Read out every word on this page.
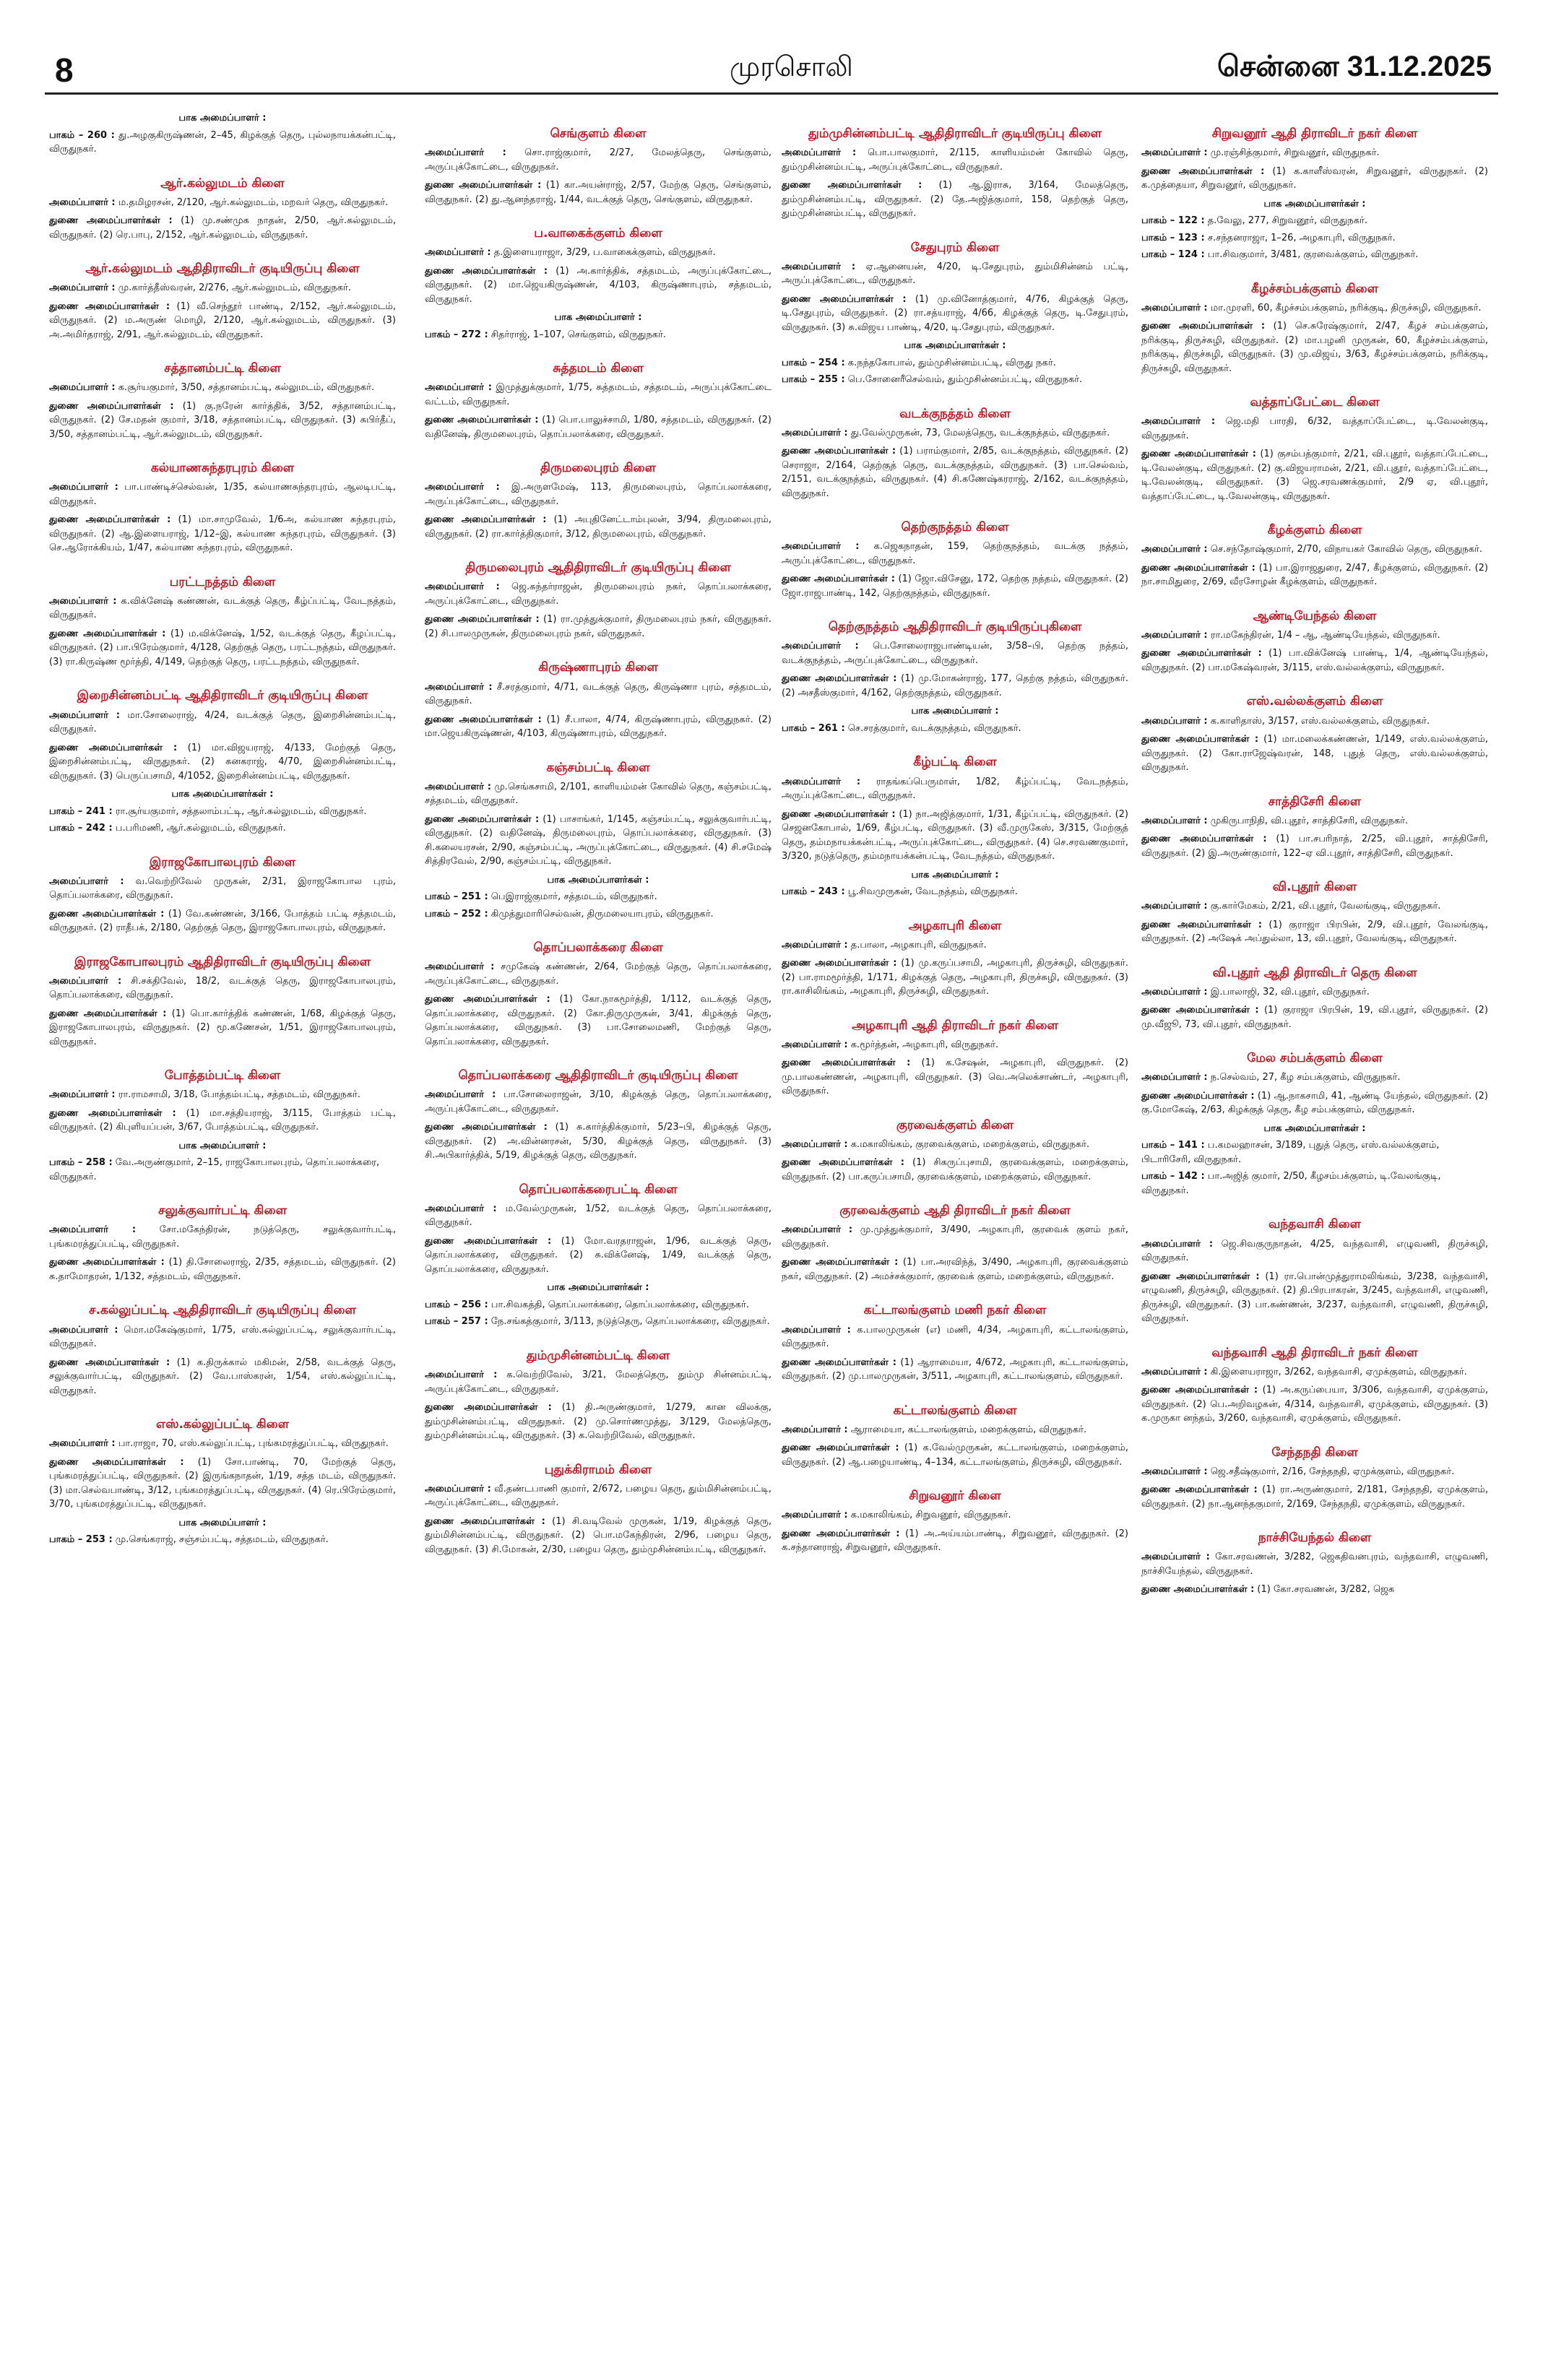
8	முரசொலி	சென்னை 31.12.2025
பாக அமைப்பாளர் :

பாகம் – 260 : து.அழகுகிருஷ்ணன், 2–45, கிழக்குத் தெரு, புல்லநாயக்கன்பட்டி, விருதுநகர்.

ஆர்.கல்லுமடம் கிளை

அமைப்பாளர் : ம.தமிழரசன், 2/120, ஆர்.கல்லுமடம், மறவர் தெரு, விருதுநகர்.

துணை அமைப்பாளர்கள் : (1) மு.சண்முக நாதன், 2/50, ஆர்.கல்லுமடம், விருதுநகர். (2) ரெ.பாபு, 2/152, ஆர்.கல்லுமடம், விருதுநகர்.

ஆர்.கல்லுமடம் ஆதிதிராவிடர் குடியிருப்பு கிளை

அமைப்பாளர் : மு.கார்த்தீஸ்வரன், 2/276, ஆர்.கல்லுமடம், விருதுநகர்.

துணை அமைப்பாளர்கள் : (1) வீ.செந்தூர் பாண்டி, 2/152, ஆர்.கல்லுமடம், விருதுநகர். (2) ம.அருண் மொழி, 2/120, ஆர்.கல்லுமடம், விருதுநகர். (3) அ.அமிர்தராஜ், 2/91, ஆர்.கல்லுமடம், விருதுநகர்.

சத்தானம்பட்டி கிளை

அமைப்பாளர் : க.சூர்யகுமார், 3/50, சத்தானம்பட்டி, கல்லுமடம், விருதுநகர்.

துணை அமைப்பாளர்கள் : (1) கு.நரேன் கார்த்திக், 3/52, சத்தானம்பட்டி, விருதுநகர். (2) சே.மதன் குமார், 3/18, சத்தானம்பட்டி, விருதுநகர். (3) சுபிர்தீப், 3/50, சத்தானம்பட்டி, ஆர்.கல்லுமடம், விருதுநகர்.

கல்யாணசுந்தரபுரம் கிளை

அமைப்பாளர் : பா.பாண்டிச்செல்வன், 1/35, கல்யாணசுந்தரபுரம், ஆலடிபட்டி, விருதுநகர்.

துணை அமைப்பாளர்கள் : (1) மா.சாமுவேல், 1/6அ, கல்யாண சுந்தரபுரம், விருதுநகர். (2) ஆ.இளையராஜ், 1/12–இ, கல்யாண சுந்தரபுரம், விருதுநகர். (3) செ.ஆரோக்கியம், 1/47, கல்யாண சுந்தரபுரம், விருதுநகர்.

பரட்டநத்தம் கிளை

அமைப்பாளர் : க.விக்னேஷ் கண்ணன், வடக்குத் தெரு, கீழ்ப்பட்டி, வேடநத்தம், விருதுநகர்.

துணை அமைப்பாளர்கள் : (1) ம.விக்னேஷ், 1/52, வடக்குத் தெரு, கீழப்பட்டி, விருதுநகர். (2) பா.பிரேம்குமார், 4/128, தெற்குத் தெரு, பரட்டநத்தம், விருதுநகர். (3) ரா.கிருஷ்ண மூர்த்தி, 4/149, தெற்குத் தெரு, பரட்டநத்தம், விருதுநகர்.

இறைசின்னம்பட்டி ஆதிதிராவிடர் குடியிருப்பு கிளை

அமைப்பாளர் : மா.சோலைராஜ், 4/24, வடக்குத் தெரு, இறைசின்னம்பட்டி, விருதுநகர்.

துணை அமைப்பாளர்கள் : (1) மா.விஜயராஜ், 4/133, மேற்குத் தெரு, இறைசின்னம்பட்டி, விருதுநகர். (2) கனகராஜ், 4/70, இறைசின்னம்பட்டி, விருதுநகர். (3) பெருப்பசாமி, 4/1052, இறைசின்னம்பட்டி, விருதுநகர்.

பாக அமைப்பாளர்கள் :
பாகம் – 241 : ரா.சூர்யகுமார், சத்தலாம்பட்டி, ஆர்.கல்லுமடம், விருதுநகர்.
பாகம் – 242 : ப.பரிமணி, ஆர்.கல்லுமடம், விருதுநகர்.
இராஜகோபாலபுரம் கிளை

அமைப்பாளர் : வ.வெற்றிவேல் முருகன், 2/31, இராஜகோபால புரம், தொப்பலாக்கரை, விருதுநகர்.

துணை அமைப்பாளர்கள் : (1) வே.கண்ணன், 3/166, போத்தம் பட்டி சத்தமடம், விருதுநகர். (2) ராதீபக், 2/180, தெற்குத் தெரு, இராஜகோபாலபுரம், விருதுநகர்.

இராஜகோபாலபுரம் ஆதிதிராவிடர் குடியிருப்பு கிளை

அமைப்பாளர் : சி.சக்திவேல், 18/2, வடக்குத் தெரு, இராஜகோபாலபுரம், தொப்பலாக்கரை, விருதுநகர்.

துணை அமைப்பாளர்கள் : (1) பொ.கார்த்திக் கண்ணன், 1/68, கிழக்குத் தெரு, இராஜகோபாலபுரம், விருதுநகர். (2) மூ.கணேசன், 1/51, இராஜகோபாலபுரம், விருதுநகர்.

போத்தம்பட்டி கிளை

அமைப்பாளர் : ரா.ராமசாமி, 3/18, போத்தம்பட்டி, சத்தமடம், விருதுநகர்.

துணை அமைப்பாளர்கள் : (1) மா.சத்தியராஜ், 3/115, போத்தம் பட்டி, விருதுநகர். (2) கிபுளியப்பன், 3/67, போத்தம்பட்டி, விருதுநகர்.

பாக அமைப்பாளர் :
பாகம் – 258 : வே.அருண்குமார், 2–15, ராஜகோபாலபுரம், தொப்பலாக்கரை, விருதுநகர்.
சலுக்குவார்பட்டி கிளை

அமைப்பாளர் : சோ.மகேந்திரன், நடுத்தெரு, சலுக்குவார்பட்டி, புங்கமரத்துப்பட்டி, விருதுநகர்.

துணை அமைப்பாளர்கள் : (1) தி.சோலைராஜ், 2/35, சத்தமடம், விருதுநகர். (2) சு.தாமோதரன், 1/132, சத்தமடம், விருதுநகர்.

ச.கல்லுப்பட்டி ஆதிதிராவிடர் குடியிருப்பு கிளை

அமைப்பாளர் : மொ.மகேஷ்குமார், 1/75, எஸ்.கல்லுப்பட்டி, சலுக்குவார்பட்டி, விருதுநகர்.

துணை அமைப்பாளர்கள் : (1) க.திருக்கால் மகிமன், 2/58, வடக்குத் தெரு, சலுக்குவார்பட்டி, விருதுநகர். (2) வே.பாஸ்கரன், 1/54, எஸ்.கல்லுப்பட்டி, விருதுநகர்.

எஸ்.கல்லுப்பட்டி கிளை

அமைப்பாளர் : பா.ராஜா, 70, எஸ்.கல்லுப்பட்டி, புங்கமரத்துப்பட்டி, விருதுநகர்.

துணை அமைப்பாளர்கள் : (1) சோ.பாண்டி, 70, மேற்குத் தெரு, புங்கமரத்துப்பட்டி, விருதுநகர். (2) இருங்கநாதன், 1/19, சத்த மடம், விருதுநகர். (3) மா.செல்வபாண்டி, 3/12, புங்கமரத்துப்பட்டி, விருதுநகர். (4) ரெ.பிரேம்குமார், 3/70, புங்கமரத்துப்பட்டி, விருதுநகர்.

பாக அமைப்பாளர் :
பாகம் – 253 : மு.செங்கராஜ், சஞ்சம்பட்டி, சத்தமடம், விருதுநகர்.
செங்குளம் கிளை

அமைப்பாளர் : சொ.ராஜ்குமார், 2/27, மேலத்தெரு, செங்குளம், அருப்புக்கோட்டை, விருதுநகர்.

துணை அமைப்பாளர்கள் : (1) கா.அயன்ராஜ், 2/57, மேற்கு தெரு, செங்குளம், விருதுநகர். (2) து.ஆனந்தராஜ், 1/44, வடக்குத் தெரு, செங்குளம், விருதுநகர்.

ப.வாகைக்குளம் கிளை

அமைப்பாளர் : த.இளையராஜா, 3/29, ப.வாகைக்குளம், விருதுநகர்.

துணை அமைப்பாளர்கள் : (1) அ.கார்த்திக், சத்தமடம், அருப்புக்கோட்டை, விருதுநகர். (2) மா.ஜெயகிருஷ்ணன், 4/103, கிருஷ்ணாபுரம், சத்தமடம், விருதுநகர்.

பாக அமைப்பாளர் :
பாகம் – 272 : சிதர்ராஜ், 1–107, செங்குளம், விருதுநகர்.
சுத்தமடம் கிளை

அமைப்பாளர் : இமுத்துக்குமார், 1/75, சுத்தமடம், சத்தமடம், அருப்புக்கோட்டை வட்டம், விருதுநகர்.

துணை அமைப்பாளர்கள் : (1) பொ.பாலுச்சாமி, 1/80, சத்தமடம், விருதுநகர். (2) வதினேஷ், திருமலைபுரம், தொப்பலாக்கரை, விருதுநகர்.

திருமலைபுரம் கிளை

அமைப்பாளர் : இ.அருளமேஷ், 113, திருமலைபுரம், தொப்பலாக்கரை, அருப்புக்கோட்டை, விருதுநகர்.

துணை அமைப்பாளர்கள் : (1) அபுதினேட்டாம்புலன், 3/94, திருமலைபுரம், விருதுநகர். (2) ரா.கார்த்திகுமார், 3/12, திருமலைபுரம், விருதுநகர்.

திருமலைபுரம் ஆதிதிராவிடர் குடியிருப்பு கிளை

அமைப்பாளர் : ஜெ.சுந்தர்ராஜன், திருமலைபுரம் நகர், தொப்பலாக்கரை, அருப்புக்கோட்டை, விருதுநகர்.

துணை அமைப்பாளர்கள் : (1) ரா.முத்துக்குமார், திருமலைபுரம் நகர், விருதுநகர். (2) சி.பாலமுருகன், திருமலைபுரம் நகர், விருதுநகர்.

கிருஷ்ணாபுரம் கிளை

அமைப்பாளர் : சீ.சரத்குமார், 4/71, வடக்குத் தெரு, கிருஷ்ணா புரம், சத்தமடம், விருதுநகர்.

துணை அமைப்பாளர்கள் : (1) சீ.பாலா, 4/74, கிருஷ்ணாபுரம், விருதுநகர். (2) மா.ஜெயகிருஷ்ணன், 4/103, கிருஷ்ணாபுரம், விருதுநகர்.

கஞ்சம்பட்டி கிளை

அமைப்பாளர் : மு.செங்கசாமி, 2/101, காளியம்மன் கோவில் தெரு, கஞ்சம்பட்டி, சத்தமடம், விருதுநகர்.

துணை அமைப்பாளர்கள் : (1) பாசாங்கர், 1/145, கஞ்சம்பட்டி, சலுக்குவார்பட்டி, விருதுநகர். (2) வதினேஷ், திருமலைபுரம், தொப்பலாக்கரை, விருதுநகர். (3) சி.கலையரசன், 2/90, கஞ்சம்பட்டி, அருப்புக்கோட்டை, விருதுநகர். (4) சி.சமேஷ் சித்திரவேல், 2/90, கஞ்சம்பட்டி, விருதுநகர்.

பாக அமைப்பாளர்கள் :
பாகம் – 251 : பெஇராஜ்குமார், சத்தமடம், விருதுநகர்.
பாகம் – 252 : கிமுத்துமாரிசெல்வன், திருமலையாபுரம், விருதுநகர்.
தொப்பலாக்கரை கிளை

அமைப்பாளர் : சமுகேஷ் கண்ணன், 2/64, மேற்குத் தெரு, தொப்பலாக்கரை, அருப்புக்கோட்டை, விருதுநகர்.

துணை அமைப்பாளர்கள் : (1) கோ.நாகமூர்த்தி, 1/112, வடக்குத் தெரு, தொப்பலாக்கரை, விருதுநகர். (2) கோ.திருமுருகன், 3/41, கிழக்குத் தெரு, தொப்பலாக்கரை, விருதுநகர். (3) பா.சோலைமணி, மேற்குத் தெரு, தொப்பலாக்கரை, விருதுநகர்.

தொப்பலாக்கரை ஆதிதிராவிடர் குடியிருப்பு கிளை

அமைப்பாளர் : பா.சோலைராஜன், 3/10, கிழக்குத் தெரு, தொப்பலாக்கரை, அருப்புக்கோட்டை, விருதுநகர்.

துணை அமைப்பாளர்கள் : (1) சு.கார்த்திக்குமார், 5/23–பி, கிழக்குத் தெரு, விருதுநகர். (2) அ.வின்னரசன், 5/30, கிழக்குத் தெரு, விருதுநகர். (3) சி.அபிகார்த்திக், 5/19, கிழக்குத் தெரு, விருதுநகர்.

தொப்பலாக்கரைபட்டி கிளை

அமைப்பாளர் : ம.வேல்முருகன், 1/52, வடக்குத் தெரு, தொப்பலாக்கரை, விருதுநகர்.

துணை அமைப்பாளர்கள் : (1) மோ.வரதராஜன், 1/96, வடக்குத் தெரு, தொப்பலாக்கரை, விருதுநகர். (2) சு.விக்னேஷ், 1/49, வடக்குத் தெரு, தொப்பலாக்கரை, விருதுநகர்.

பாக அமைப்பாளர்கள் :
பாகம் – 256 : பா.சிவகத்தி, தொப்பலாக்கரை, தொப்பலாக்கரை, விருதுநகர்.
பாகம் – 257 : நே.சங்கத்குமார், 3/113, நடுத்தெரு, தொப்பலாக்கரை, விருதுநகர்.
தும்முசின்னம்பட்டி கிளை

அமைப்பாளர் : க.வெற்றிவேல், 3/21, மேலத்தெரு, தும்மு சின்னம்பட்டி, அருப்புக்கோட்டை, விருதுநகர்.

துணை அமைப்பாளர்கள் : (1) தி.அருண்குமார், 1/279, கான விலக்கு, தும்முசின்னம்பட்டி, விருதுநகர். (2) மு.சொர்ணமுத்து, 3/129, மேலத்தெரு, தும்முசின்னம்பட்டி, விருதுநகர். (3) க.வெற்றிவேல், விருதுநகர்.

புதுக்கிராமம் கிளை

அமைப்பாளர் : வீ.தண்டபாணி குமார், 2/672, பழைய தெரு, தும்மிசின்னம்பட்டி, அருப்புக்கோட்டை, விருதுநகர்.

துணை அமைப்பாளர்கள் : (1) சி.வடிவேல் முருகன், 1/19, கிழக்குத் தெரு, தும்மிசின்னம்பட்டி, விருதுநகர். (2) பொ.மகேந்திரன், 2/96, பழைய தெரு, விருதுநகர். (3) சி.மோகன், 2/30, பழைய தெரு, தும்முசின்னம்பட்டி, விருதுநகர்.

தும்முசின்னம்பட்டி ஆதிதிராவிடர் குடியிருப்பு கிளை

அமைப்பாளர் : பொ.பாலகுமார், 2/115, காளியம்மன் கோவில் தெரு, தும்முசின்னம்பட்டி, அருப்புக்கோட்டை, விருதுநகர்.

துணை அமைப்பாளர்கள் : (1) ஆ.இராசு, 3/164, மேலத்தெரு, தும்முசின்னம்பட்டி, விருதுநகர். (2) தே.அஜித்குமார், 158, தெற்குத் தெரு, தும்முசின்னம்பட்டி, விருதுநகர்.

சேதுபுரம் கிளை

அமைப்பாளர் : ஏ.ஆனையன், 4/20, டி.சேதுபுரம், தும்மிசின்னம் பட்டி, அருப்புக்கோட்டை, விருதுநகர்.

துணை அமைப்பாளர்கள் : (1) மு.வினோத்குமார், 4/76, கிழக்குத் தெரு, டி.சேதுபுரம், விருதுநகர். (2) ரா.சத்யராஜ், 4/66, கிழக்குத் தெரு, டி.சேதுபுரம், விருதுநகர். (3) சு.விஜய பாண்டி, 4/20, டி.சேதுபுரம், விருதுநகர்.

பாக அமைப்பாளர்கள் :
பாகம் – 254 : க.நந்தகோபால், தும்முசின்னம்பட்டி, விருது நகர்.
பாகம் – 255 : பெ.சோனைரீசெல்வம், தும்முசின்னம்பட்டி, விருதுநகர்.
வடக்குநத்தம் கிளை

அமைப்பாளர் : து.வேல்முருகன், 73, மேலத்தெரு, வடக்குநத்தம், விருதுநகர்.

துணை அமைப்பாளர்கள் : (1) பராம்குமார், 2/85, வடக்குநத்தம், விருதுநகர். (2) செராஜா, 2/164, தெற்குத் தெரு, வடக்குநத்தம், விருதுநகர். (3) பா.செல்வம், 2/151, வடக்குநத்தம், விருதுநகர். (4) சி.கணேஷ்கரராஜ், 2/162, வடக்குநத்தம், விருதுநகர்.

தெற்குநத்தம் கிளை

அமைப்பாளர் : க.ஜெகநாதன், 159, தெற்குநத்தம், வடக்கு நத்தம், அருப்புக்கோட்டை, விருதுநகர்.

துணை அமைப்பாளர்கள் : (1) ஜோ.விசேனு, 172, தெற்கு நத்தம், விருதுநகர். (2) ஜோ.ராஜபாண்டி, 142, தெற்குநத்தம், விருதுநகர்.

தெற்குநத்தம் ஆதிதிராவிடர் குடியிருப்புகிளை

அமைப்பாளர் : பெ.சோலைராஜபாண்டியன், 3/58–பி, தெற்கு நத்தம், வடக்குநத்தம், அருப்புக்கோட்டை, விருதுநகர்.

துணை அமைப்பாளர்கள் : (1) மு.மோகன்ராஜ், 177, தெற்கு நத்தம், விருதுநகர். (2) அசதீஸ்குமார், 4/162, தெற்குநத்தம், விருதுநகர்.

பாக அமைப்பாளர் :
பாகம் – 261 : செ.சரத்குமார், வடக்குநத்தம், விருதுநகர்.
கீழ்பட்டி கிளை

அமைப்பாளர் : ராதங்கப்பெருமாள், 1/82, கீழ்ப்பட்டி, வேடநத்தம், அருப்புக்கோட்டை, விருதுநகர்.

துணை அமைப்பாளர்கள் : (1) நா.அஜித்குமார், 1/31, கீழ்ப்பட்டி, விருதுநகர். (2) செஜனகோபால், 1/69, கீழ்பட்டி, விருதுநகர். (3) வீ.முருகேஸ், 3/315, மேற்குத் தெரு, தம்மநாயக்கன்பட்டி, அருப்புக்கோட்டை, விருதுநகர். (4) செ.சரவணகுமார், 3/320, நடுத்தெரு, தம்மநாயக்கன்பட்டி, வேடநத்தம், விருதுநகர்.

பாக அமைப்பாளர் :
பாகம் – 243 : பூ.சிவமுருகன், வேடநத்தம், விருதுநகர்.
அழகாபுரி கிளை

அமைப்பாளர் : த.பாலா, அழகாபுரி, விருதுநகர்.

துணை அமைப்பாளர்கள் : (1) மு.கருப்பசாமி, அழகாபுரி, திருச்சுழி, விருதுநகர். (2) பா.ராமமூர்த்தி, 1/171, கிழக்குத் தெரு, அழகாபுரி, திருச்சுழி, விருதுநகர். (3) ரா.காசிலிங்கம், அழகாபுரி, திருச்சுழி, விருதுநகர்.

அழகாபுரி ஆதி திராவிடர் நகர் கிளை

அமைப்பாளர் : க.மூர்த்தன், அழகாபுரி, விருதுநகர்.

துணை அமைப்பாளர்கள் : (1) க.சேஷன், அழகாபுரி, விருதுநகர். (2) மு.பாலகண்ணன், அழகாபுரி, விருதுநகர். (3) வெ.அலெக்சாண்டர், அழகாபுரி, விருதுநகர்.

குரவைக்குளம் கிளை

அமைப்பாளர் : க.மகாலிங்கம், குரவைக்குளம், மறைக்குளம், விருதுநகர்.

துணை அமைப்பாளர்கள் : (1) சிகருப்புசாமி, குரவைக்குளம், மறைக்குளம், விருதுநகர். (2) பா.கருப்பசாமி, குரவைக்குளம், மறைக்குளம், விருதுநகர்.

குரவைக்குளம் ஆதி திராவிடர் நகர் கிளை

அமைப்பாளர் : மு.முத்துக்குமார், 3/490, அழகாபுரி, குரவைக் குளம் நகர், விருதுநகர்.

துணை அமைப்பாளர்கள் : (1) பா.அரவிந்த், 3/490, அழகாபுரி, குரவைக்குளம் நகர், விருதுநகர். (2) அமச்சக்குமார், குரவைக் குளம், மறைக்குளம், விருதுநகர்.

கட்டாலங்குளம் மணி நகர் கிளை

அமைப்பாளர் : க.பாலமுருகன் (எ) மணி, 4/34, அழகாபுரி, கட்டாலங்குளம், விருதுநகர்.

துணை அமைப்பாளர்கள் : (1) ஆராமையா, 4/672, அழகாபுரி, கட்டாலங்குளம், விருதுநகர். (2) மு.பாலமுருகன், 3/511, அழகாபுரி, கட்டாலங்குளம், விருதுநகர்.

கட்டாலங்குளம் கிளை

அமைப்பாளர் : ஆராமையா, கட்டாலங்குளம், மறைக்குளம், விருதுநகர்.

துணை அமைப்பாளர்கள் : (1) க.வேல்முருகன், கட்டாலங்குளம், மறைக்குளம், விருதுநகர். (2) ஆ.பழையாண்டி, 4–134, கட்டாலங்குளம், திருச்சுழி, விருதுநகர்.

சிறுவனூர் கிளை

அமைப்பாளர் : க.மகாலிங்கம், சிறுவனூர், விருதுநகர்.

துணை அமைப்பாளர்கள் : (1) அ.அய்யம்பாண்டி, சிறுவனூர், விருதுநகர். (2) க.சந்தானராஜ், சிறுவனூர், விருதுநகர்.

சிறுவனூர் ஆதி திராவிடர் நகர் கிளை

அமைப்பாளர் : மு.ரஞ்சித்குமார், சிறுவனூர், விருதுநகர்.

துணை அமைப்பாளர்கள் : (1) க.காளீஸ்வரன், சிறுவனூர், விருதுநகர். (2) க.முத்தையா, சிறுவனூர், விருதுநகர்.

பாக அமைப்பாளர்கள் :
பாகம் – 122 : த.வேலு, 277, சிறுவனூர், விருதுநகர்.
பாகம் – 123 : ச.சந்தனராஜா, 1–26, அழகாபுரி, விருதுநகர்.
பாகம் – 124 : பா.சிவகுமார், 3/481, குரவைக்குளம், விருதுநகர்.
கீழச்சம்பக்குளம் கிளை

அமைப்பாளர் : மா.முரளி, 60, கீழச்சம்பக்குளம், நரிக்குடி, திருச்சுழி, விருதுநகர்.

துணை அமைப்பாளர்கள் : (1) செ.சுரேஷ்குமார், 2/47, கீழச் சம்பக்குளம், நரிக்குடி, திருச்சுழி, விருதுநகர். (2) மா.பழனி முருகன், 60, கீழச்சம்பக்குளம், நரிக்குடி, திருச்சுழி, விருதுநகர். (3) மு.விஜய், 3/63, கீழச்சம்பக்குளம், நரிக்குடி, திருச்சுழி, விருதுநகர்.

வத்தாப்பேட்டை கிளை

அமைப்பாளர் : ஜெ.மதி பாரதி, 6/32, வத்தாப்பேட்டை, டி.வேலன்குடி, விருதுநகர்.

துணை அமைப்பாளர்கள் : (1) குசம்பத்குமார், 2/21, வி.புதூர், வத்தாப்பேட்டை, டி.வேலன்குடி, விருதுநகர். (2) கு.விஜயராமன், 2/21, வி.புதூர், வத்தாப்பேட்டை, டி.வேலன்குடி, விருதுநகர். (3) ஜெ.சரவணக்குமார், 2/9 ஏ, வி.புதூர், வத்தாப்பேட்டை, டி.வேலன்குடி, விருதுநகர்.

கீழக்குளம் கிளை

அமைப்பாளர் : செ.சந்தோஷ்குமார், 2/70, விநாயகர் கோவில் தெரு, விருதுநகர்.

துணை அமைப்பாளர்கள் : (1) பா.இராஜதுரை, 2/47, கீழக்குளம், விருதுநகர். (2) நா.சாமிதுரை, 2/69, வீரசோழன் கீழக்குளம், விருதுநகர்.

ஆண்டியேந்தல் கிளை

அமைப்பாளர் : ரா.மகேந்திரன், 1/4 – ஆ, ஆண்டியேந்தல், விருதுநகர்.

துணை அமைப்பாளர்கள் : (1) பா.விக்னேஷ் பாண்டி, 1/4, ஆண்டியேந்தல், விருதுநகர். (2) பா.மகேஷ்வரன், 3/115, எஸ்.வல்லக்குளம், விருதுநகர்.

எஸ்.வல்லக்குளம் கிளை

அமைப்பாளர் : க.காளிதாஸ், 3/157, எஸ்.வல்லக்குளம், விருதுநகர்.

துணை அமைப்பாளர்கள் : (1) மா.மலைக்கண்ணன், 1/149, எஸ்.வல்லக்குளம், விருதுநகர். (2) கோ.ராஜேஷ்வரன், 148, புதுத் தெரு, எஸ்.வல்லக்குளம், விருதுநகர்.

சாத்திசேரி கிளை

அமைப்பாளர் : முகிருபாநிதி, வி.புதூர், சாத்திசேரி, விருதுநகர்.

துணை அமைப்பாளர்கள் : (1) பா.சபரிநாத், 2/25, வி.புதூர், சாத்திசேரி, விருதுநகர். (2) இ.அருண்குமார், 122–ஏ வி.புதூர், சாத்திசேரி, விருதுநகர்.

வி.புதூர் கிளை

அமைப்பாளர் : கு.கார்மேகம், 2/21, வி.புதூர், வேலங்குடி, விருதுநகர்.

துணை அமைப்பாளர்கள் : (1) குராஜா பிரபின், 2/9, வி.புதூர், வேலங்குடி, விருதுநகர். (2) அஷேக் அப்துல்லா, 13, வி.புதூர், வேலங்குடி, விருதுநகர்.

வி.புதூர் ஆதி திராவிடர் தெரு கிளை

அமைப்பாளர் : இ.பாலாஜி, 32, வி.புதூர், விருதுநகர்.

துணை அமைப்பாளர்கள் : (1) குராஜா பிரபின், 19, வி.புதூர், விருதுநகர். (2) மு.வீஜூ, 73, வி.புதூர், விருதுநகர்.

மேல சம்பக்குளம் கிளை

அமைப்பாளர் : ந.செல்வம், 27, கீழ சம்பக்குளம், விருதுநகர்.

துணை அமைப்பாளர்கள் : (1) ஆ.நாகசாமி, 41, ஆண்டி யேந்தல், விருதுநகர். (2) கு.மோகேஷ், 2/63, கிழக்குத் தெரு, கீழ சம்பக்குளம், விருதுநகர்.

பாக அமைப்பாளர்கள் :
பாகம் – 141 : ப.கமலஹாசன், 3/189, புதுத் தெரு, எஸ்.வல்லக்குளம், பிடாரிசேரி, விருதுநகர்.
பாகம் – 142 : பா.அஜித் குமார், 2/50, கீழசம்பக்குளம், டி.வேலங்குடி, விருதுநகர்.
வந்தவாசி கிளை

அமைப்பாளர் : ஜெ.சிவகுருநாதன், 4/25, வந்தவாசி, எழுவணி, திருச்சுழி, விருதுநகர்.

துணை அமைப்பாளர்கள் : (1) ரா.பொன்முத்துராமலிங்கம், 3/238, வந்தவாசி, எழுவணி, திருச்சுழி, விருதுநகர். (2) தி.பிரபாகரன், 3/245, வந்தவாசி, எழுவணி, திருச்சுழி, விருதுநகர். (3) பா.கண்ணன், 3/237, வந்தவாசி, எழுவணி, திருச்சுழி, விருதுநகர்.

வந்தவாசி ஆதி திராவிடர் நகர் கிளை

அமைப்பாளர் : கி.இளையராஜா, 3/262, வந்தவாசி, ஏமுக்குளம், விருதுநகர்.

துணை அமைப்பாளர்கள் : (1) அ.கருப்பையா, 3/306, வந்தவாசி, ஏமுக்குளம், விருதுநகர். (2) பெ.அறிவழகன், 4/314, வந்தவாசி, ஏமுக்குளம், விருதுநகர். (3) க.முருகா னந்தம், 3/260, வந்தவாசி, ஏமுக்குளம், விருதுநகர்.

சேந்தநதி கிளை

அமைப்பாளர் : ஜெ.சதீஷ்குமார், 2/16, சேந்தநதி, ஏமுக்குளம், விருதுநகர்.

துணை அமைப்பாளர்கள் : (1) ரா.அருண்குமார், 2/181, சேந்தநதி, ஏமுக்குளம், விருதுநகர். (2) நா.ஆனந்தகுமார், 2/169, சேந்தநதி, ஏமுக்குளம், விருதுநகர்.

நாச்சியேந்தல் கிளை

அமைப்பாளர் : கோ.சரவணன், 3/282, ஜெகதிவனபுரம், வந்தவாசி, எழுவணி, நாச்சியேந்தல், விருதுநகர்.

துணை அமைப்பாளர்கள் : (1) கோ.சரவணன், 3/282, ஜெக
